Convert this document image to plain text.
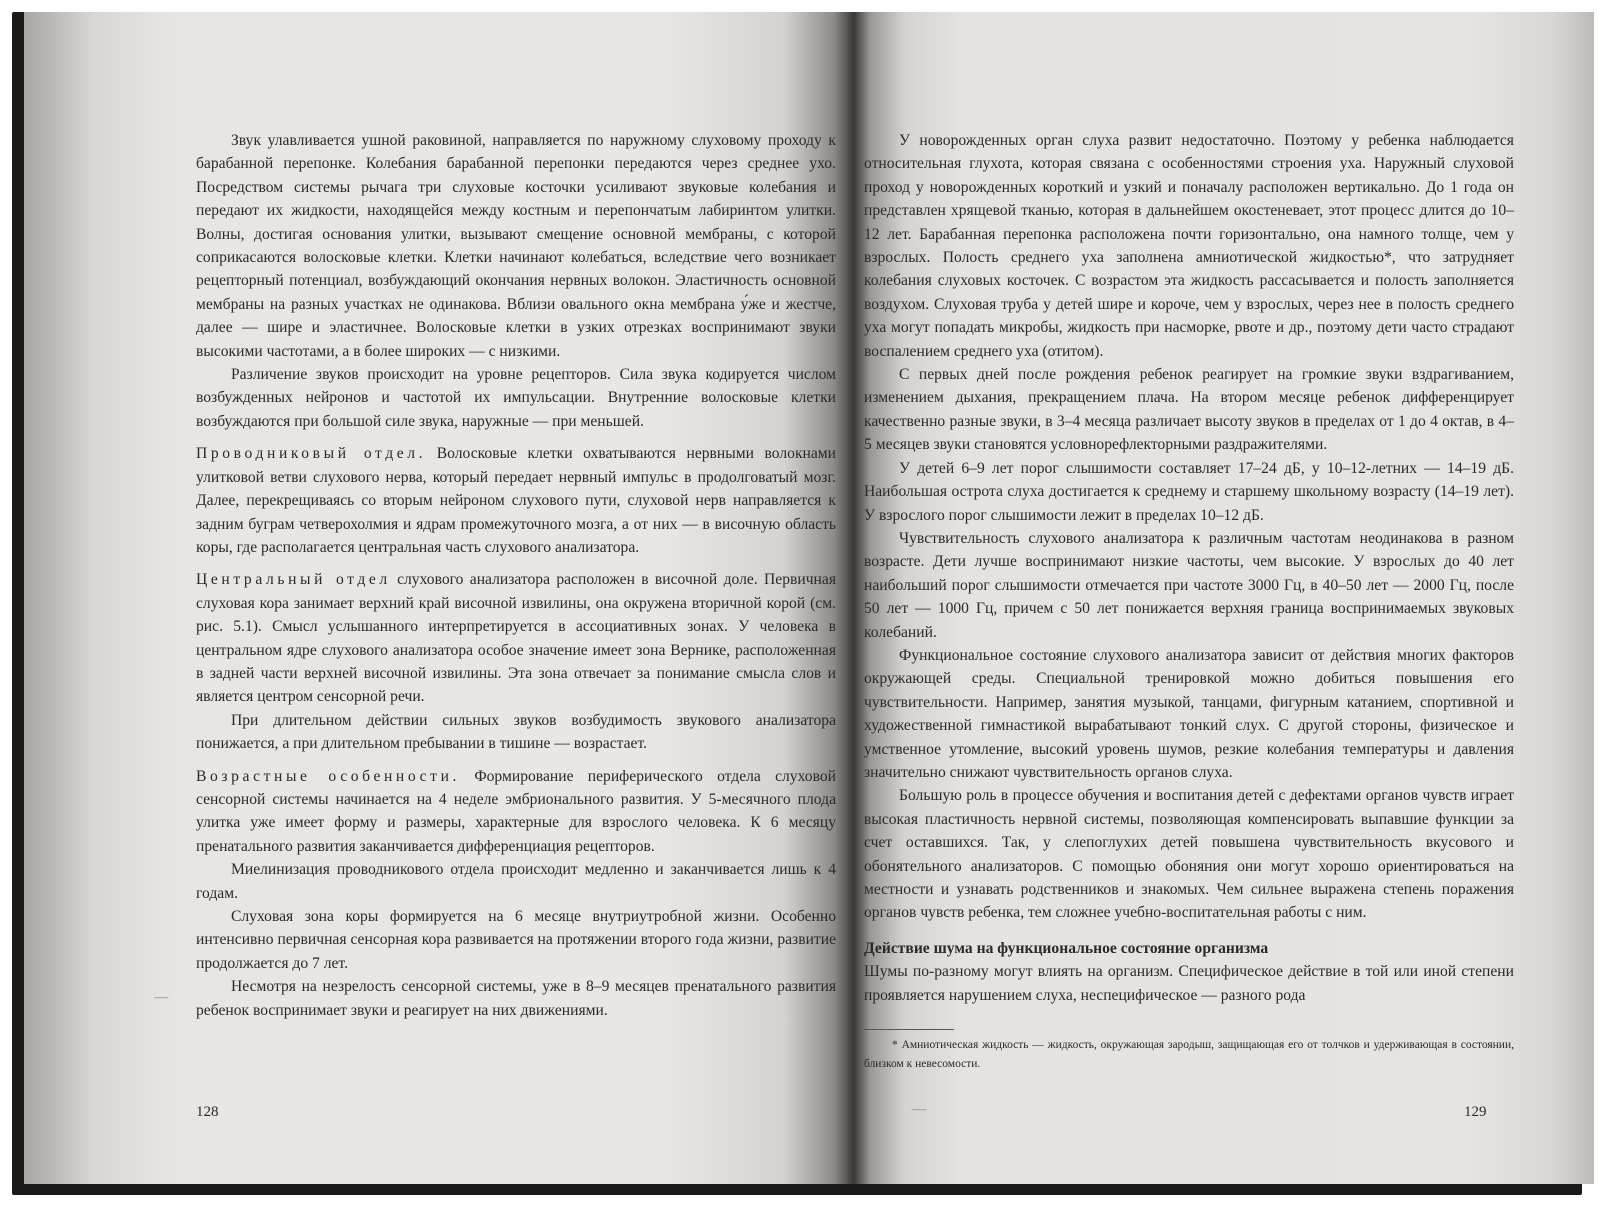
Звук улавливается ушной раковиной, направляется по наружному слуховому проходу к барабанной перепонке. Колебания барабанной перепонки передаются через среднее ухо. Посредством системы рычага три слуховые косточки усиливают звуковые колебания и передают их жидкости, находящейся между костным и перепончатым лабиринтом улитки. Волны, достигая основания улитки, вызывают смещение основной мембраны, с которой соприкасаются волосковые клетки. Клетки начинают колебаться, вследствие чего возникает рецепторный потенциал, возбуждающий окончания нервных волокон. Эластичность основной мембраны на разных участках не одинакова. Вблизи овального окна мембрана у́же и жестче, далее — шире и эластичнее. Волосковые клетки в узких отрезках воспринимают звуки высокими частотами, а в более широких — с низкими.

Различение звуков происходит на уровне рецепторов. Сила звука кодируется числом возбужденных нейронов и частотой их импульсации. Внутренние волосковые клетки возбуждаются при большой силе звука, наружные — при меньшей.

Проводниковый отдел. Волосковые клетки охватываются нервными волокнами улитковой ветви слухового нерва, который передает нервный импульс в продолговатый мозг. Далее, перекрещиваясь со вторым нейроном слухового пути, слуховой нерв направляется к задним буграм четверохолмия и ядрам промежуточного мозга, а от них — в височную область коры, где располагается центральная часть слухового анализатора.

Центральный отдел слухового анализатора расположен в височной доле. Первичная слуховая кора занимает верхний край височной извилины, она окружена вторичной корой (см. рис. 5.1). Смысл услышанного интерпретируется в ассоциативных зонах. У человека в центральном ядре слухового анализатора особое значение имеет зона Вернике, расположенная в задней части верхней височной извилины. Эта зона отвечает за понимание смысла слов и является центром сенсорной речи.

При длительном действии сильных звуков возбудимость звукового анализатора понижается, а при длительном пребывании в тишине — возрастает.

Возрастные особенности. Формирование периферического отдела слуховой сенсорной системы начинается на 4 неделе эмбрионального развития. У 5-месячного плода улитка уже имеет форму и размеры, характерные для взрослого человека. К 6 месяцу пренатального развития заканчивается дифференциация рецепторов.

Миелинизация проводникового отдела происходит медленно и заканчивается лишь к 4 годам.

Слуховая зона коры формируется на 6 месяце внутриутробной жизни. Особенно интенсивно первичная сенсорная кора развивается на протяжении второго года жизни, развитие продолжается до 7 лет.

Несмотря на незрелость сенсорной системы, уже в 8–9 месяцев пренатального развития ребенок воспринимает звуки и реагирует на них движениями.

128
—

У новорожденных орган слуха развит недостаточно. Поэтому у ребенка наблюдается относительная глухота, которая связана с особенностями строения уха. Наружный слуховой проход у новорожденных короткий и узкий и поначалу расположен вертикально. До 1 года он представлен хрящевой тканью, которая в дальнейшем окостеневает, этот процесс длится до 10–12 лет. Барабанная перепонка расположена почти горизонтально, она намного толще, чем у взрослых. Полость среднего уха заполнена амниотической жидкостью*, что затрудняет колебания слуховых косточек. С возрастом эта жидкость рассасывается и полость заполняется воздухом. Слуховая труба у детей шире и короче, чем у взрослых, через нее в полость среднего уха могут попадать микробы, жидкость при насморке, рвоте и др., поэтому дети часто страдают воспалением среднего уха (отитом).

С первых дней после рождения ребенок реагирует на громкие звуки вздрагиванием, изменением дыхания, прекращением плача. На втором месяце ребенок дифференцирует качественно разные звуки, в 3–4 месяца различает высоту звуков в пределах от 1 до 4 октав, в 4–5 месяцев звуки становятся условнорефлекторными раздражителями.

У детей 6–9 лет порог слышимости составляет 17–24 дБ, у 10–12-летних — 14–19 дБ. Наибольшая острота слуха достигается к среднему и старшему школьному возрасту (14–19 лет). У взрослого порог слышимости лежит в пределах 10–12 дБ.

Чувствительность слухового анализатора к различным частотам неодинакова в разном возрасте. Дети лучше воспринимают низкие частоты, чем высокие. У взрослых до 40 лет наибольший порог слышимости отмечается при частоте 3000 Гц, в 40–50 лет — 2000 Гц, после 50 лет — 1000 Гц, причем с 50 лет понижается верхняя граница воспринимаемых звуковых колебаний.

Функциональное состояние слухового анализатора зависит от действия многих факторов окружающей среды. Специальной тренировкой можно добиться повышения его чувствительности. Например, занятия музыкой, танцами, фигурным катанием, спортивной и художественной гимнастикой вырабатывают тонкий слух. С другой стороны, физическое и умственное утомление, высокий уровень шумов, резкие колебания температуры и давления значительно снижают чувствительность органов слуха.

Большую роль в процессе обучения и воспитания детей с дефектами органов чувств играет высокая пластичность нервной системы, позволяющая компенсировать выпавшие функции за счет оставшихся. Так, у слепоглухих детей повышена чувствительность вкусового и обонятельного анализаторов. С помощью обоняния они могут хорошо ориентироваться на местности и узнавать родственников и знакомых. Чем сильнее выражена степень поражения органов чувств ребенка, тем сложнее учебно-воспитательная работы с ним.

Действие шума на функциональное состояние организма

Шумы по-разному могут влиять на организм. Специфическое действие в той или иной степени проявляется нарушением слуха, неспецифическое — разного рода

* Амниотическая жидкость — жидкость, окружающая зародыш, защищающая его от толчков и удерживающая в состоянии, близком к невесомости.

129
—
